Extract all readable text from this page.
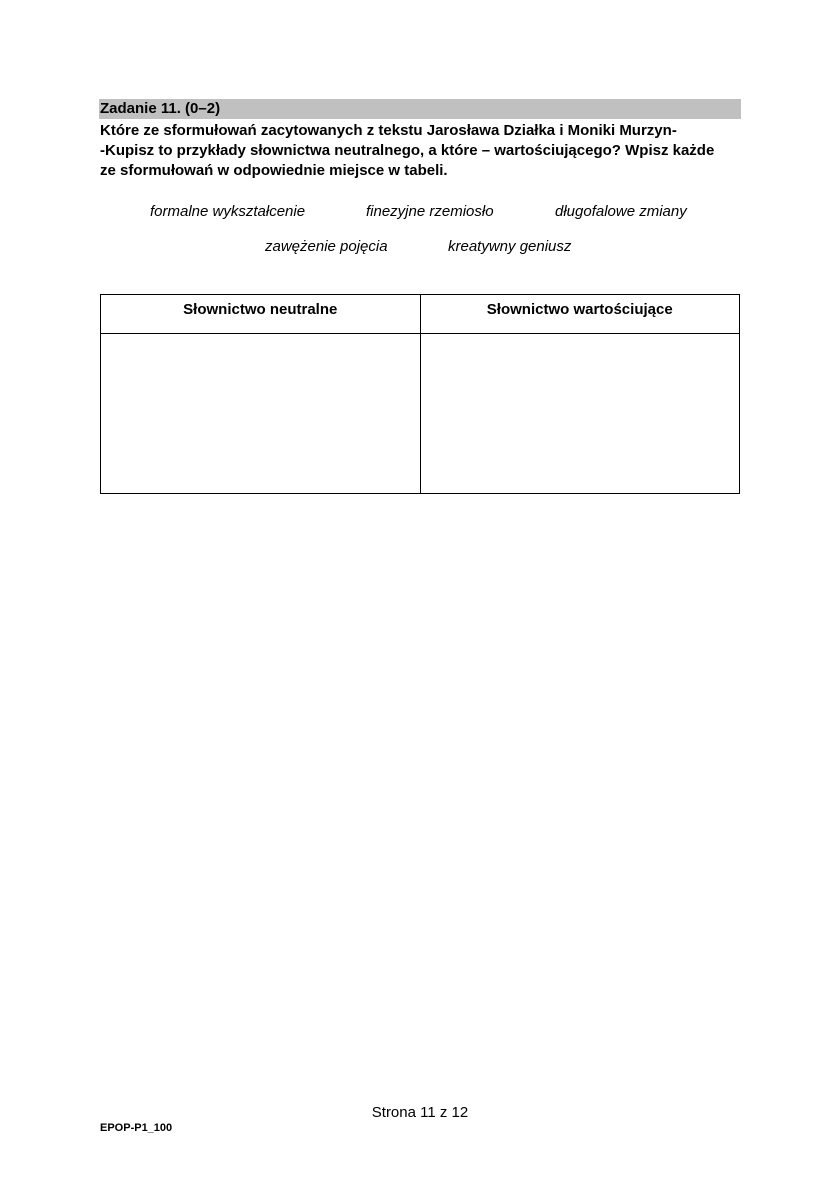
Zadanie 11. (0–2)
Które ze sformułowań zacytowanych z tekstu Jarosława Działka i Moniki Murzyn-
-Kupisz to przykłady słownictwa neutralnego, a które – wartościującego? Wpisz każde
ze sformułowań w odpowiednie miejsce w tabeli.
formalne wykształcenie	finezyjne rzemiosło	długofalowe zmiany
zawężenie pojęcia	kreatywny geniusz
Słownictwo neutralne	Słownictwo wartościujące

Strona 11 z 12
EPOP-P1_100
